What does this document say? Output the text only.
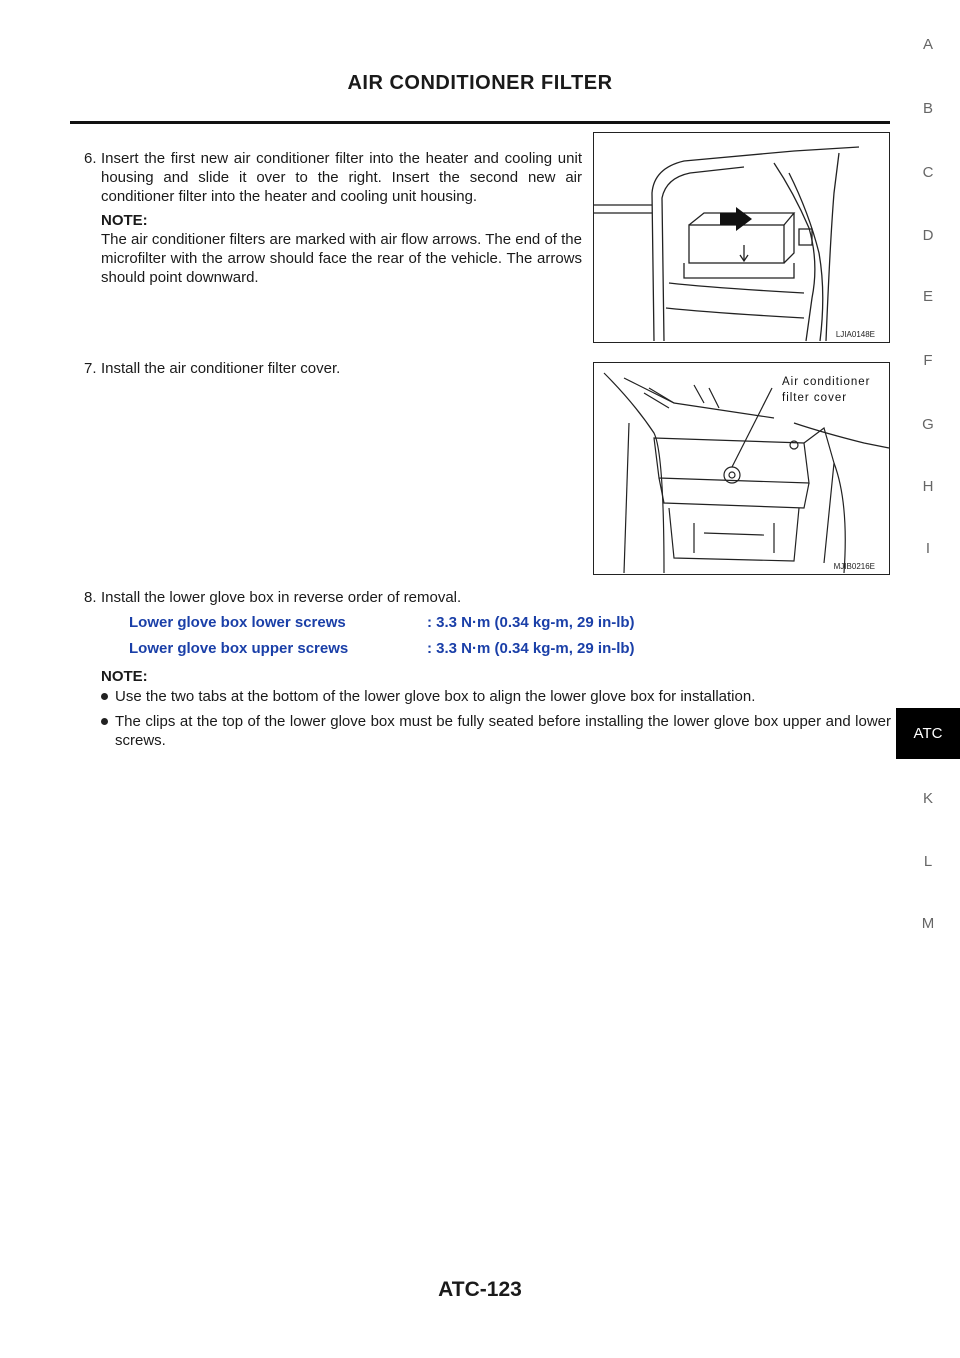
AIR CONDITIONER FILTER
A
B
C
D
E
F
G
H
I
ATC
K
L
M
6. Insert the first new air conditioner filter into the heater and cooling unit housing and slide it over to the right. Insert the second new air conditioner filter into the heater and cooling unit housing.
NOTE:
The air conditioner filters are marked with air flow arrows. The end of the microfilter with the arrow should face the rear of the vehicle. The arrows should point downward.
LJIA0148E
7. Install the air conditioner filter cover.
Air conditioner
filter cover
MJIB0216E
8. Install the lower glove box in reverse order of removal.
Lower glove box lower screws	: 3.3 N·m (0.34 kg-m, 29 in-lb)
Lower glove box upper screws	: 3.3 N·m (0.34 kg-m, 29 in-lb)
NOTE:
Use the two tabs at the bottom of the lower glove box to align the lower glove box for installation.
The clips at the top of the lower glove box must be fully seated before installing the lower glove box upper and lower screws.
ATC-123
